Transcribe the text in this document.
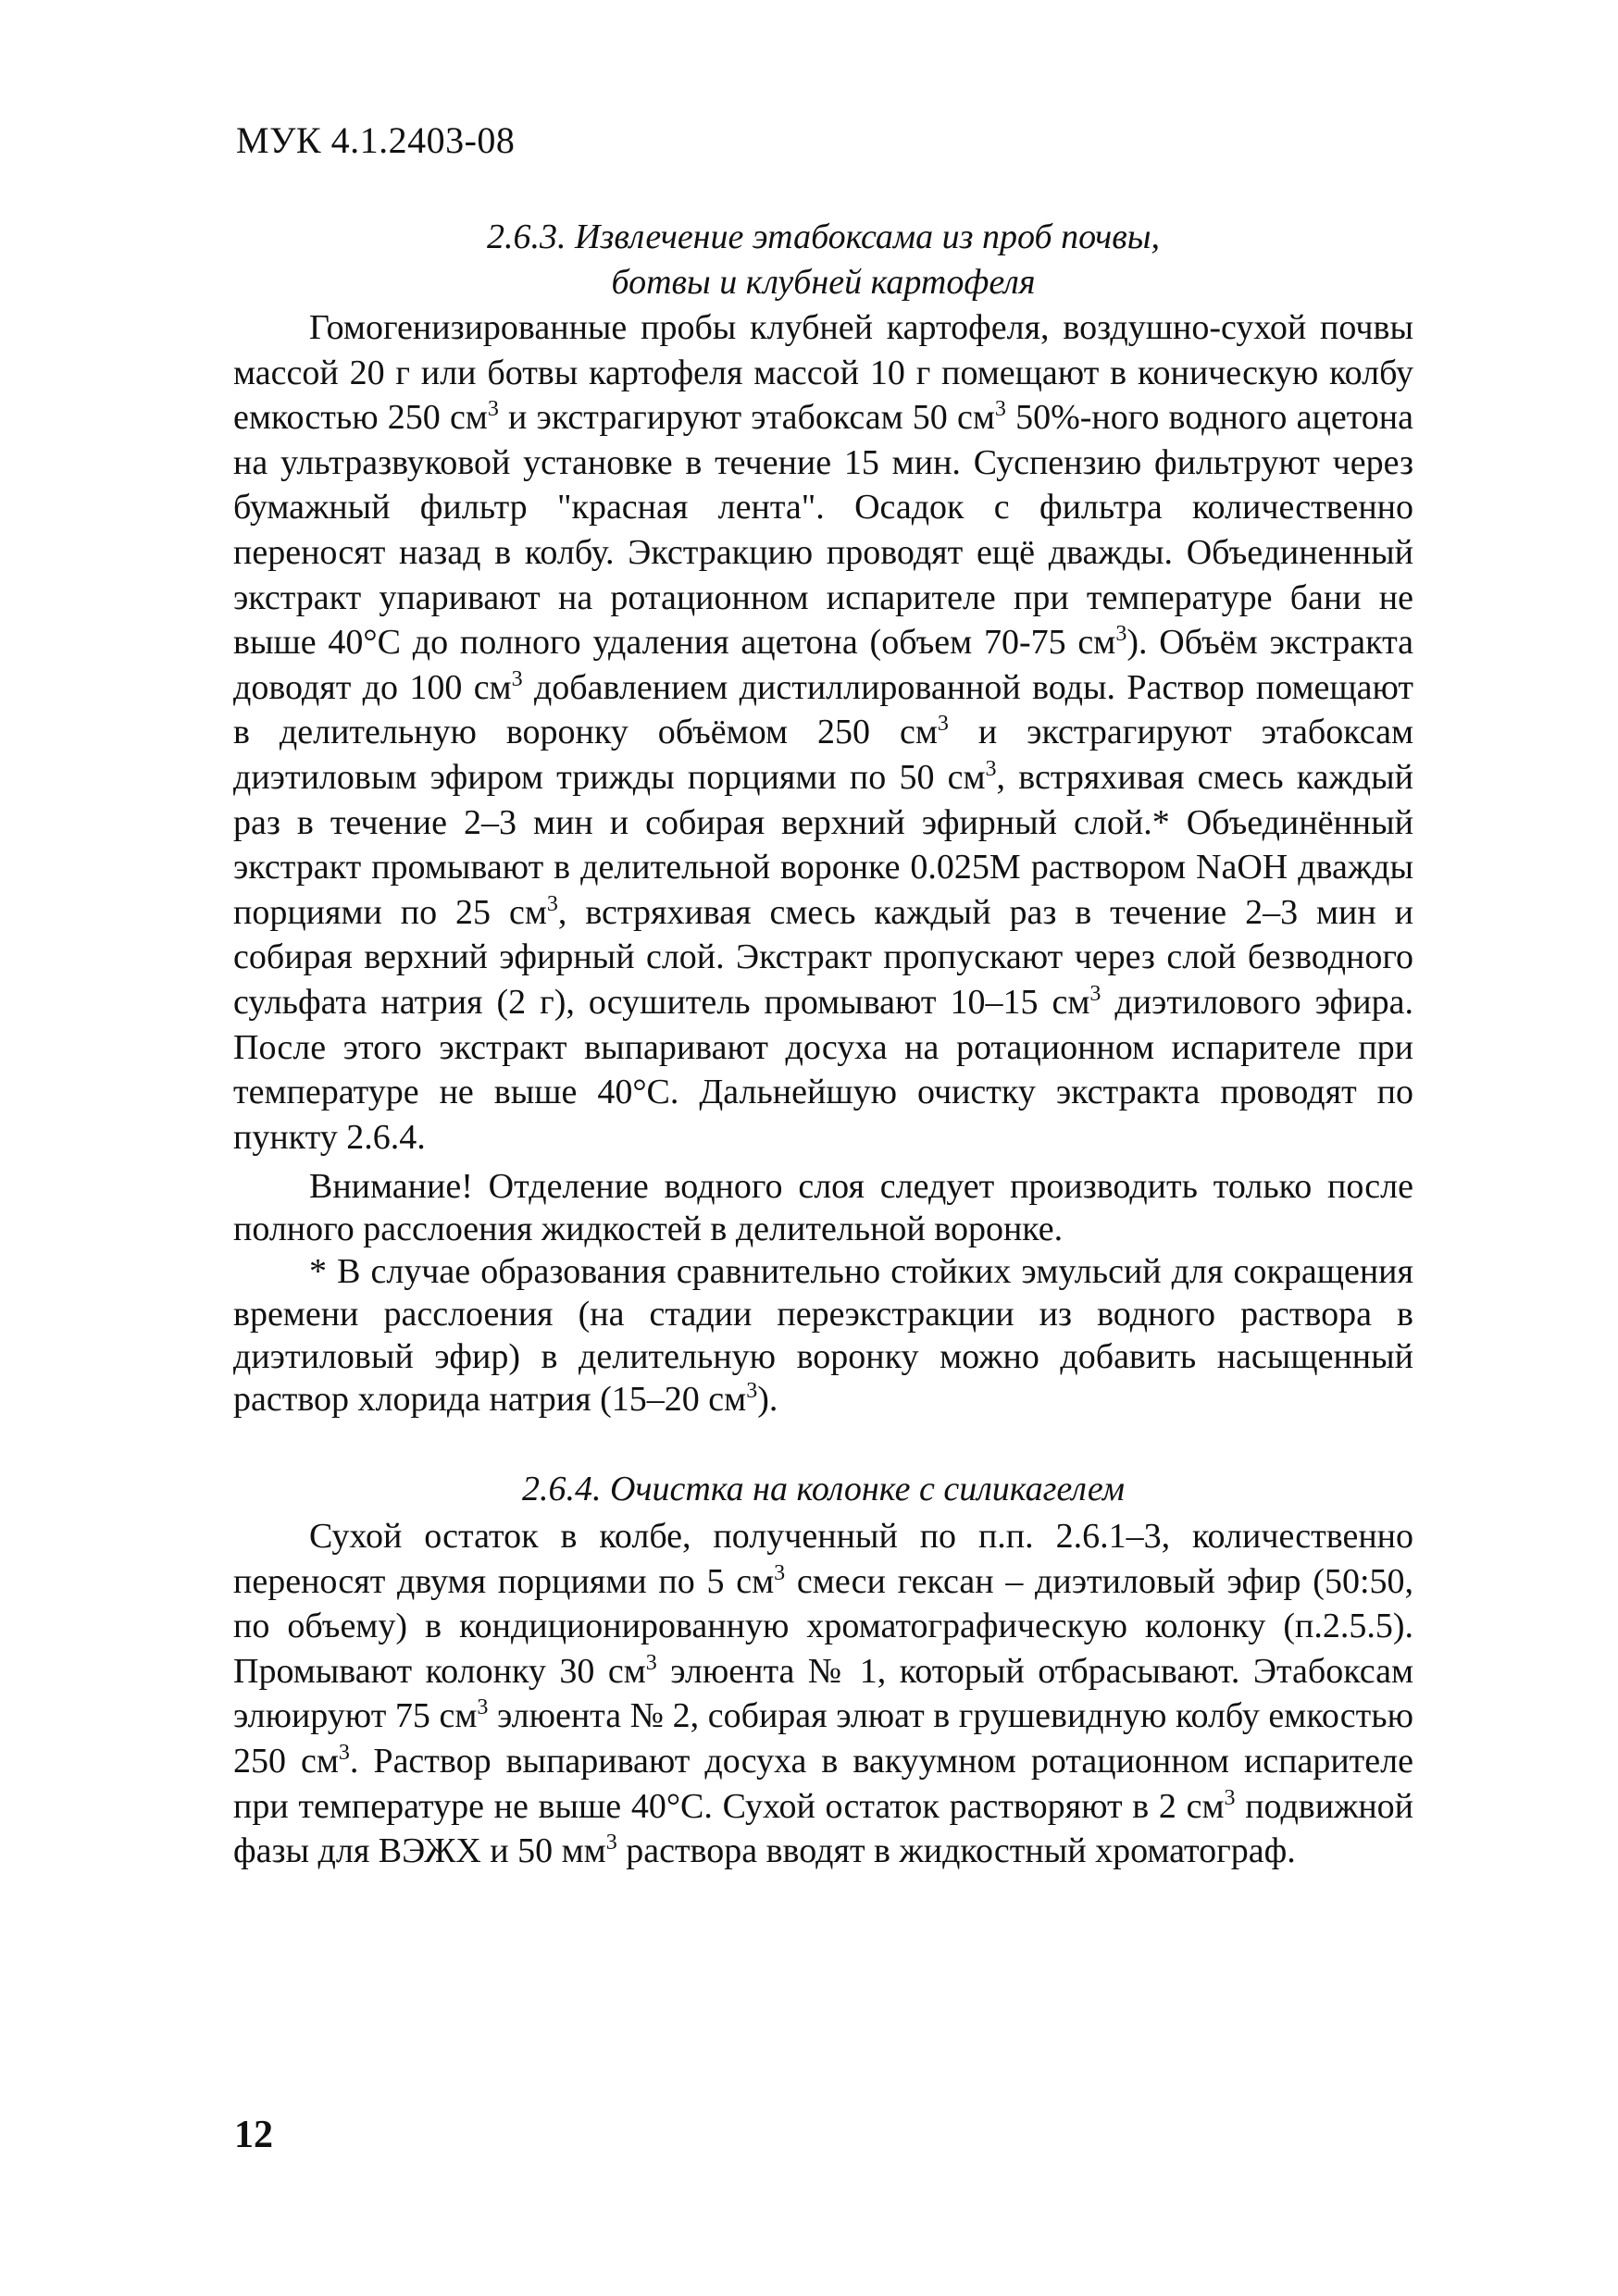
МУК 4.1.2403-08
2.6.3. Извлечение этабоксама из проб почвы,
ботвы и клубней картофеля

Гомогенизированные пробы клубней картофеля, воздушно-сухой почвы массой 20 г или ботвы картофеля массой 10 г помещают в коническую колбу емкостью 250 $см^3$ и экстрагируют этабоксам 50 $см^3$ 50%-ного водного ацетона на ультразвуковой установке в течение 15 мин. Суспензию фильтруют через бумажный фильтр "красная лента". Осадок с фильтра количественно переносят назад в колбу. Экстракцию проводят ещё дважды. Объединенный экстракт упаривают на ротационном испарителе при температуре бани не выше 40°С до полного удаления ацетона (объем 70-75 $см^3$). Объём экстракта доводят до 100 $см^3$ добавлением дистиллированной воды. Раствор помещают в делительную воронку объёмом 250 $см^3$ и экстрагируют этабоксам диэтиловым эфиром трижды порциями по 50 $см^3$, встряхивая смесь каждый раз в течение 2–3 мин и собирая верхний эфирный слой.* Объединённый экстракт промывают в делительной воронке 0.025М раствором NaOH дважды порциями по 25 $см^3$, встряхивая смесь каждый раз в течение 2–3 мин и собирая верхний эфирный слой. Экстракт пропускают через слой безводного сульфата натрия (2 г), осушитель промывают 10–15 $см^3$ диэтилового эфира. После этого экстракт выпаривают досуха на ротационном испарителе при температуре не выше 40°С. Дальнейшую очистку экстракта проводят по пункту 2.6.4.

Внимание! Отделение водного слоя следует производить только после полного расслоения жидкостей в делительной воронке.

* В случае образования сравнительно стойких эмульсий для сокращения времени расслоения (на стадии переэкстракции из водного раствора в диэтиловый эфир) в делительную воронку можно добавить насыщенный раствор хлорида натрия (15–20 $см^3$).

2.6.4. Очистка на колонке с силикагелем

Сухой остаток в колбе, полученный по п.п. 2.6.1–3, количественно переносят двумя порциями по 5 $см^3$ смеси гексан – диэтиловый эфир (50:50, по объему) в кондиционированную хроматографическую колонку (п.2.5.5). Промывают колонку 30 $см^3$ элюента № 1, который отбрасывают. Этабоксам элюируют 75 $см^3$ элюента № 2, собирая элюат в грушевидную колбу емкостью 250 $см^3$. Раствор выпаривают досуха в вакуумном ротационном испарителе при температуре не выше 40°С. Сухой остаток растворяют в 2 $см^3$ подвижной фазы для ВЭЖХ и 50 $мм^3$ раствора вводят в жидкостный хроматограф.

12
